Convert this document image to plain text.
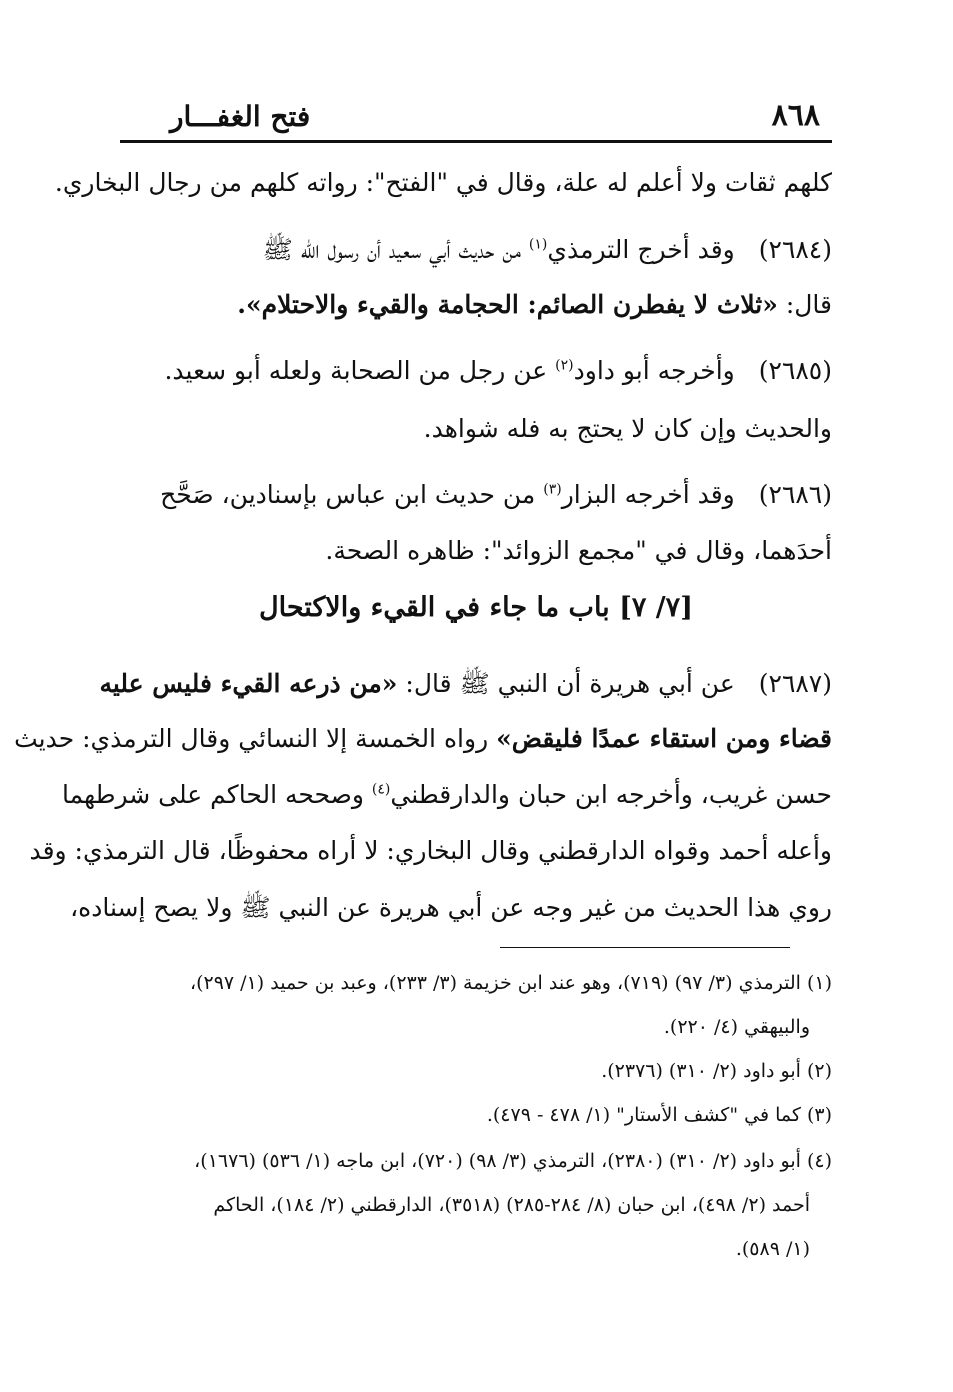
٨٦٨
فتح الغفـــار
كلهم ثقات ولا أعلم له علة، وقال في "الفتح": رواته كلهم من رجال البخاري.
(٢٦٨٤)وقد أخرج الترمذي$^{(١)}$ من حديث أبي سعيد أن رسول الله ﷺ
قال: «ثلاث لا يفطرن الصائم: الحجامة والقيء والاحتلام».
(٢٦٨٥)وأخرجه أبو داود$^{(٢)}$ عن رجل من الصحابة ولعله أبو سعيد.
والحديث وإن كان لا يحتج به فله شواهد.
(٢٦٨٦)وقد أخرجه البزار$^{(٣)}$ من حديث ابن عباس بإسنادين، صَحَّح
أحدَهما، وقال في "مجمع الزوائد": ظاهره الصحة.
[٧/ ٧] باب ما جاء في القيء والاكتحال
(٢٦٨٧)عن أبي هريرة أن النبي ﷺ قال: «من ذرعه القيء فليس عليه
قضاء ومن استقاء عمدًا فليقض» رواه الخمسة إلا النسائي وقال الترمذي: حديث
حسن غريب، وأخرجه ابن حبان والدارقطني$^{(٤)}$ وصححه الحاكم على شرطهما
وأعله أحمد وقواه الدارقطني وقال البخاري: لا أراه محفوظًا، قال الترمذي: وقد
روي هذا الحديث من غير وجه عن أبي هريرة عن النبي ﷺ ولا يصح إسناده،
(١) الترمذي (٣/ ٩٧) (٧١٩)، وهو عند ابن خزيمة (٣/ ٢٣٣)، وعبد بن حميد (١/ ٢٩٧)،
والبيهقي (٤/ ٢٢٠).
(٢) أبو داود (٢/ ٣١٠) (٢٣٧٦).
(٣) كما في "كشف الأستار" (١/ ٤٧٨ - ٤٧٩).
(٤) أبو داود (٢/ ٣١٠) (٢٣٨٠)، الترمذي (٣/ ٩٨) (٧٢٠)، ابن ماجه (١/ ٥٣٦) (١٦٧٦)،
أحمد (٢/ ٤٩٨)، ابن حبان (٨/ ٢٨٤-٢٨٥) (٣٥١٨)، الدارقطني (٢/ ١٨٤)، الحاكم
(١/ ٥٨٩).
